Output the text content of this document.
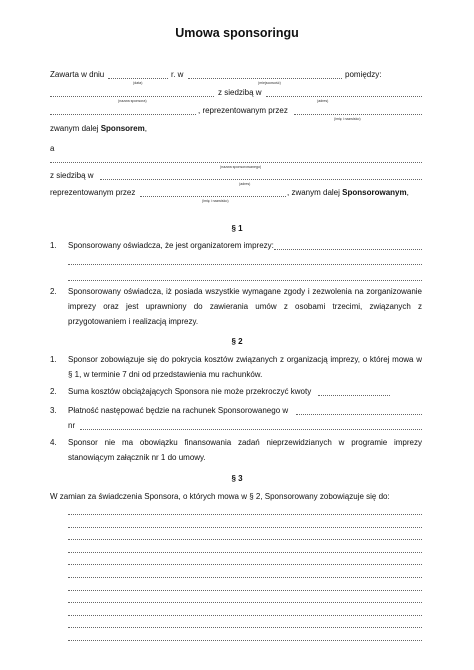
Umowa sponsoringu
Zawarta w dniu
(data)
r. w
(miejscowość)
pomiędzy:
(nazwa sponsora)
z siedzibą w
(adres)
, reprezentowanym przez
(imię i nazwisko)
zwanym dalej Sponsorem,
a
(nazwa sponsorowanego)
z siedzibą w
(adres)
reprezentowanym przez
(imię i nazwisko)
, zwanym dalej Sponsorowanym,
§ 1
1. Sponsorowany oświadcza, że jest organizatorem imprezy:
2. Sponsorowany oświadcza, iż posiada wszystkie wymagane zgody i zezwolenia na zorganizowanie imprezy oraz jest uprawniony do zawierania umów z osobami trzecimi, związanych z przygotowaniem i realizacją imprezy.
§ 2
1. Sponsor zobowiązuje się do pokrycia kosztów związanych z organizacją imprezy, o której mowa w § 1, w terminie 7 dni od przedstawienia mu rachunków.
2. Suma kosztów obciążających Sponsora nie może przekroczyć kwoty
3. Płatność następować będzie na rachunek Sponsorowanego w
nr
4. Sponsor nie ma obowiązku finansowania zadań nieprzewidzianych w programie imprezy stanowiącym załącznik nr 1 do umowy.
§ 3
W zamian za świadczenia Sponsora, o których mowa w § 2, Sponsorowany zobowiązuje się do:
